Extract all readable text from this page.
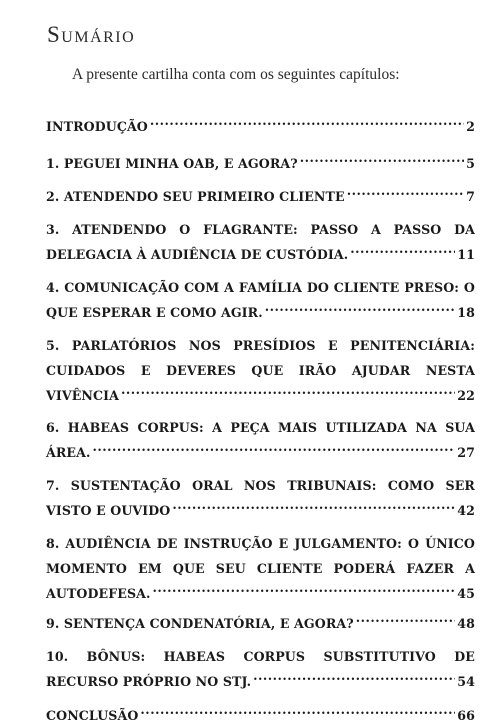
Sumário

A presente cartilha conta com os seguintes capítulos:

INTRODUÇÃO .....	2
1. PEGUEI MINHA OAB, E AGORA? .....	5
2. ATENDENDO SEU PRIMEIRO CLIENTE .....	7
3. ATENDENDO O FLAGRANTE: PASSO A PASSO DA
DELEGACIA À AUDIÊNCIA DE CUSTÓDIA. .....	11
4. COMUNICAÇÃO COM A FAMÍLIA DO CLIENTE PRESO: O
QUE ESPERAR E COMO AGIR. .....	18
5. PARLATÓRIOS NOS PRESÍDIOS E PENITENCIÁRIA:
CUIDADOS E DEVERES QUE IRÃO AJUDAR NESTA
VIVÊNCIA .....	22
6. HABEAS CORPUS: A PEÇA MAIS UTILIZADA NA SUA
ÁREA. .....	27
7. SUSTENTAÇÃO ORAL NOS TRIBUNAIS: COMO SER
VISTO E OUVIDO .....	42
8. AUDIÊNCIA DE INSTRUÇÃO E JULGAMENTO: O ÚNICO
MOMENTO EM QUE SEU CLIENTE PODERÁ FAZER A
AUTODEFESA. .....	45
9. SENTENÇA CONDENATÓRIA, E AGORA? .....	48
10. BÔNUS: HABEAS CORPUS SUBSTITUTIVO DE
RECURSO PRÓPRIO NO STJ. .....	54
CONCLUSÃO .....	66
